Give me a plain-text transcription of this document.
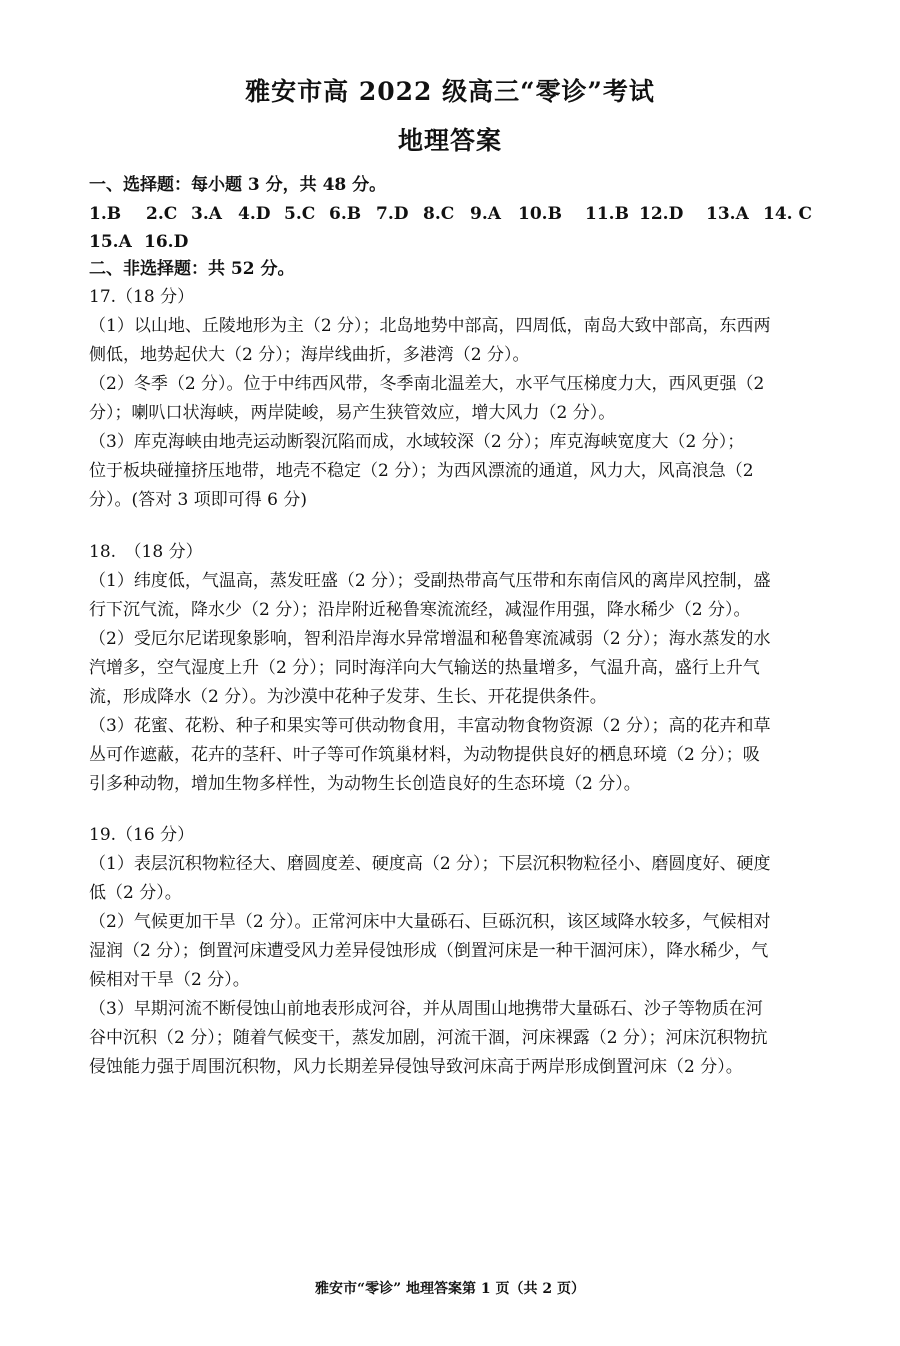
雅安市高 2022 级高三“零诊”考试
地理答案
一、选择题：每小题 3 分，共 48 分。
1.B 2.C 3.A 4.D 5.C 6.B 7.D 8.C 9.A 10.B 11.B 12.D 13.A 14. C
15.A 16.D
二、非选择题：共 52 分。
17.（18 分）
（1）以山地、丘陵地形为主（2 分）；北岛地势中部高，四周低，南岛大致中部高，东西两
侧低，地势起伏大（2 分）；海岸线曲折，多港湾（2 分）。
（2）冬季（2 分）。位于中纬西风带，冬季南北温差大，水平气压梯度力大，西风更强（2
分）；喇叭口状海峡，两岸陡峻，易产生狭管效应，增大风力（2 分）。
（3）库克海峡由地壳运动断裂沉陷而成，水域较深（2 分）；库克海峡宽度大（2 分）；
位于板块碰撞挤压地带，地壳不稳定（2 分）；为西风漂流的通道，风力大，风高浪急（2
分）。(答对 3 项即可得 6 分)
18.　（18 分）
（1）纬度低，气温高，蒸发旺盛（2 分）；受副热带高气压带和东南信风的离岸风控制，盛
行下沉气流，降水少（2 分）；沿岸附近秘鲁寒流流经，减湿作用强，降水稀少（2 分）。
（2）受厄尔尼诺现象影响，智利沿岸海水异常增温和秘鲁寒流减弱（2 分）；海水蒸发的水
汽增多，空气湿度上升（2 分）；同时海洋向大气输送的热量增多，气温升高，盛行上升气
流，形成降水（2 分）。为沙漠中花种子发芽、生长、开花提供条件。
（3）花蜜、花粉、种子和果实等可供动物食用，丰富动物食物资源（2 分）；高的花卉和草
丛可作遮蔽，花卉的茎秆、叶子等可作筑巢材料，为动物提供良好的栖息环境（2 分）；吸
引多种动物，增加生物多样性，为动物生长创造良好的生态环境（2 分）。
19.（16 分）
（1）表层沉积物粒径大、磨圆度差、硬度高（2 分）；下层沉积物粒径小、磨圆度好、硬度
低（2 分）。
（2）气候更加干旱（2 分）。正常河床中大量砾石、巨砾沉积，该区域降水较多，气候相对
湿润（2 分）；倒置河床遭受风力差异侵蚀形成（倒置河床是一种干涸河床），降水稀少，气
候相对干旱（2 分）。
（3）早期河流不断侵蚀山前地表形成河谷，并从周围山地携带大量砾石、沙子等物质在河
谷中沉积（2 分）；随着气候变干，蒸发加剧，河流干涸，河床裸露（2 分）；河床沉积物抗
侵蚀能力强于周围沉积物，风力长期差异侵蚀导致河床高于两岸形成倒置河床（2 分）。
雅安市“零诊” 地理答案第 1 页（共 2 页）
